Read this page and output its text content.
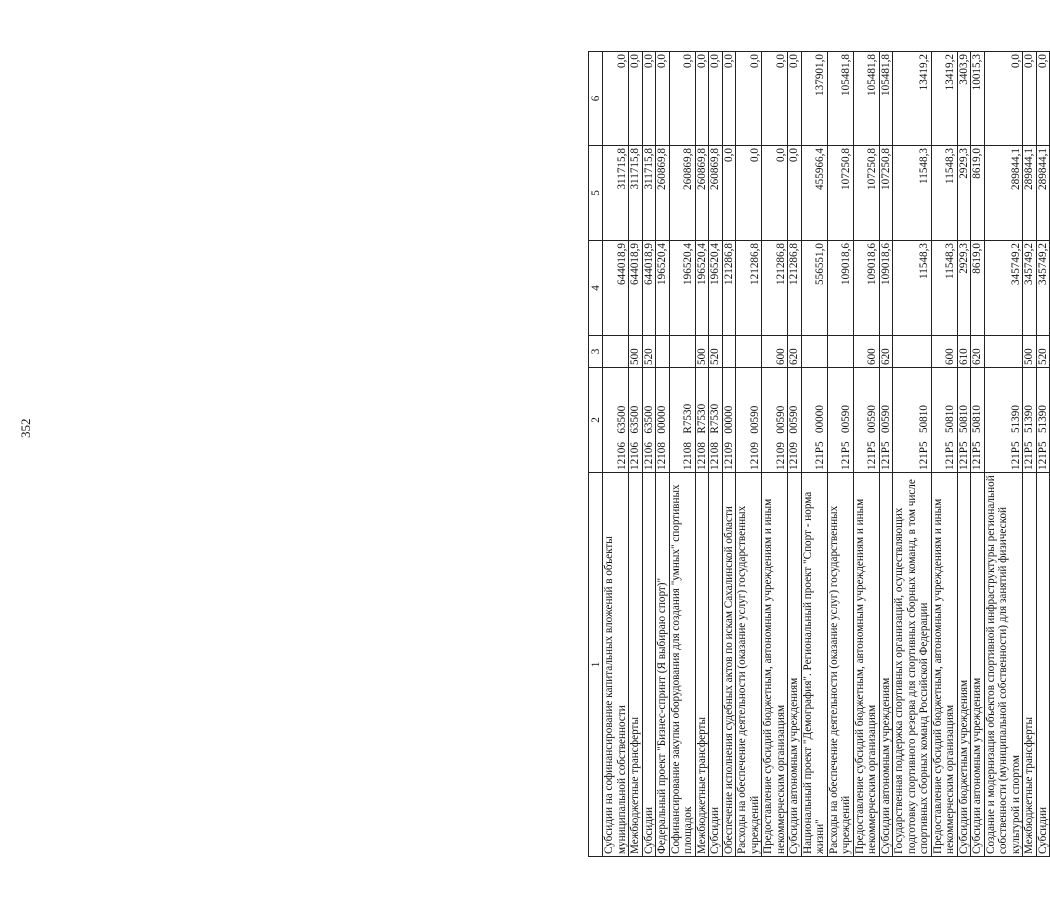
352
1	2	3	4	5	6
Субсидии на софинансирование капитальных вложений в объекты муниципальной собственности	12106   63500		644018,9	311715,8	0,0
Межбюджетные трансферты	12106   63500	500	644018,9	311715,8	0,0
Субсидии	12106   63500	520	644018,9	311715,8	0,0
Федеральный проект "Бизнес-спринт (Я выбираю спорт)"	12108   00000		196520,4	260869,8	0,0
Софинансирование закупки оборудования для создания "умных" спортивных площадок	12108   R7530		196520,4	260869,8	0,0
Межбюджетные трансферты	12108   R7530	500	196520,4	260869,8	0,0
Субсидии	12108   R7530	520	196520,4	260869,8	0,0
Обеспечение исполнения судебных актов по искам Сахалинской области	12109   00000		121286,8	0,0	0,0
Расходы на обеспечение деятельности (оказание услуг) государственных учреждений	12109   00590		121286,8	0,0	0,0
Предоставление субсидий бюджетным, автономным учреждениям и иным некоммерческим организациям	12109   00590	600	121286,8	0,0	0,0
Субсидии автономным учреждениям	12109   00590	620	121286,8	0,0	0,0
Национальный проект "Демография". Региональный проект "Спорт - норма жизни"	121P5   00000		556551,0	455966,4	137901,0
Расходы на обеспечение деятельности (оказание услуг) государственных учреждений	121P5   00590		109018,6	107250,8	105481,8
Предоставление субсидий бюджетным, автономным учреждениям и иным некоммерческим организациям	121P5   00590	600	109018,6	107250,8	105481,8
Субсидии автономным учреждениям	121P5   00590	620	109018,6	107250,8	105481,8
Государственная поддержка спортивных организаций, осуществляющих подготовку спортивного резерва для спортивных сборных команд, в том числе спортивных сборных команд Российской Федерации	121P5   50810		11548,3	11548,3	13419,2
Предоставление субсидий бюджетным, автономным учреждениям и иным некоммерческим организациям	121P5   50810	600	11548,3	11548,3	13419,2
Субсидии бюджетным учреждениям	121P5   50810	610	2929,3	2929,3	3403,9
Субсидии автономным учреждениям	121P5   50810	620	8619,0	8619,0	10015,3
Создание и модернизация объектов спортивной инфраструктуры региональной собственности (муниципальной собственности) для занятий физической культурой и спортом	121P5   51390		345749,2	289844,1	0,0
Межбюджетные трансферты	121P5   51390	500	345749,2	289844,1	0,0
Субсидии	121P5   51390	520	345749,2	289844,1	0,0
